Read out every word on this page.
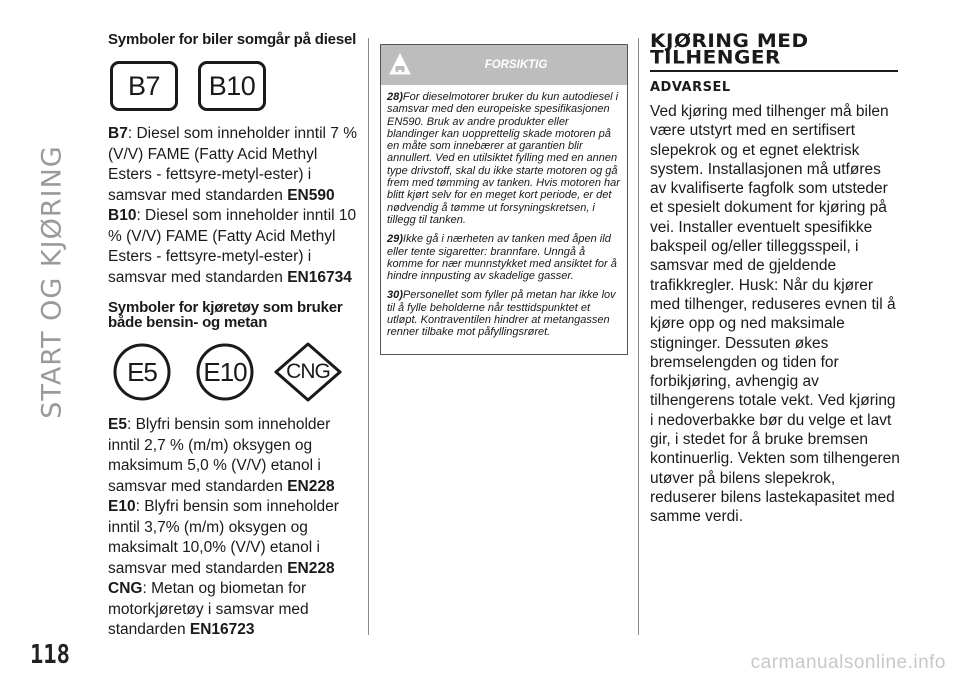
START OG KJØRING
118	carmanualsonline.info
Symboler for biler somgår på diesel
B7	B10

B7: Diesel som inneholder inntil 7 % (V/V) FAME (Fatty Acid Methyl Esters - fettsyre-metyl-ester) i samsvar med standarden EN590

B10: Diesel som inneholder inntil 10 % (V/V) FAME (Fatty Acid Methyl Esters - fettsyre-metyl-ester) i samsvar med standarden EN16734

Symboler for kjøretøy som bruker både bensin- og metan
E5	E10	CNG

E5: Blyfri bensin som inneholder inntil 2,7 % (m/m) oksygen og maksimum 5,0 % (V/V) etanol i samsvar med standarden EN228

E10: Blyfri bensin som inneholder inntil 3,7% (m/m) oksygen og maksimalt 10,0% (V/V) etanol i samsvar med standarden EN228

CNG: Metan og biometan for motorkjøretøy i samsvar med standarden EN16723

FORSIKTIG

28)For dieselmotorer bruker du kun autodiesel i samsvar med den europeiske spesifikasjonen EN590. Bruk av andre produkter eller blandinger kan uopprettelig skade motoren på en måte som innebærer at garantien blir annullert. Ved en utilsiktet fylling med en annen type drivstoff, skal du ikke starte motoren og gå frem med tømming av tanken. Hvis motoren har blitt kjørt selv for en meget kort periode, er det nødvendig å tømme ut forsyningskretsen, i tillegg til tanken.

29)Ikke gå i nærheten av tanken med åpen ild eller tente sigaretter: brannfare. Unngå å komme for nær munnstykket med ansiktet for å hindre innpusting av skadelige gasser.

30)Personellet som fyller på metan har ikke lov til å fylle beholderne når testtidspunktet et utløpt. Kontraventilen hindrer at metangassen renner tilbake mot påfyllingsrøret.

KJØRING MED TILHENGER
ADVARSEL

Ved kjøring med tilhenger må bilen være utstyrt med en sertifisert slepekrok og et egnet elektrisk system. Installasjonen må utføres av kvalifiserte fagfolk som utsteder et spesielt dokument for kjøring på vei. Installer eventuelt spesifikke bakspeil og/eller tilleggsspeil, i samsvar med de gjeldende trafikkregler. Husk: Når du kjører med tilhenger, reduseres evnen til å kjøre opp og ned maksimale stigninger. Dessuten økes bremselengden og tiden for forbikjøring, avhengig av tilhengerens totale vekt. Ved kjøring i nedoverbakke bør du velge et lavt gir, i stedet for å bruke bremsen kontinuerlig. Vekten som tilhengeren utøver på bilens slepekrok, reduserer bilens lastekapasitet med samme verdi.
